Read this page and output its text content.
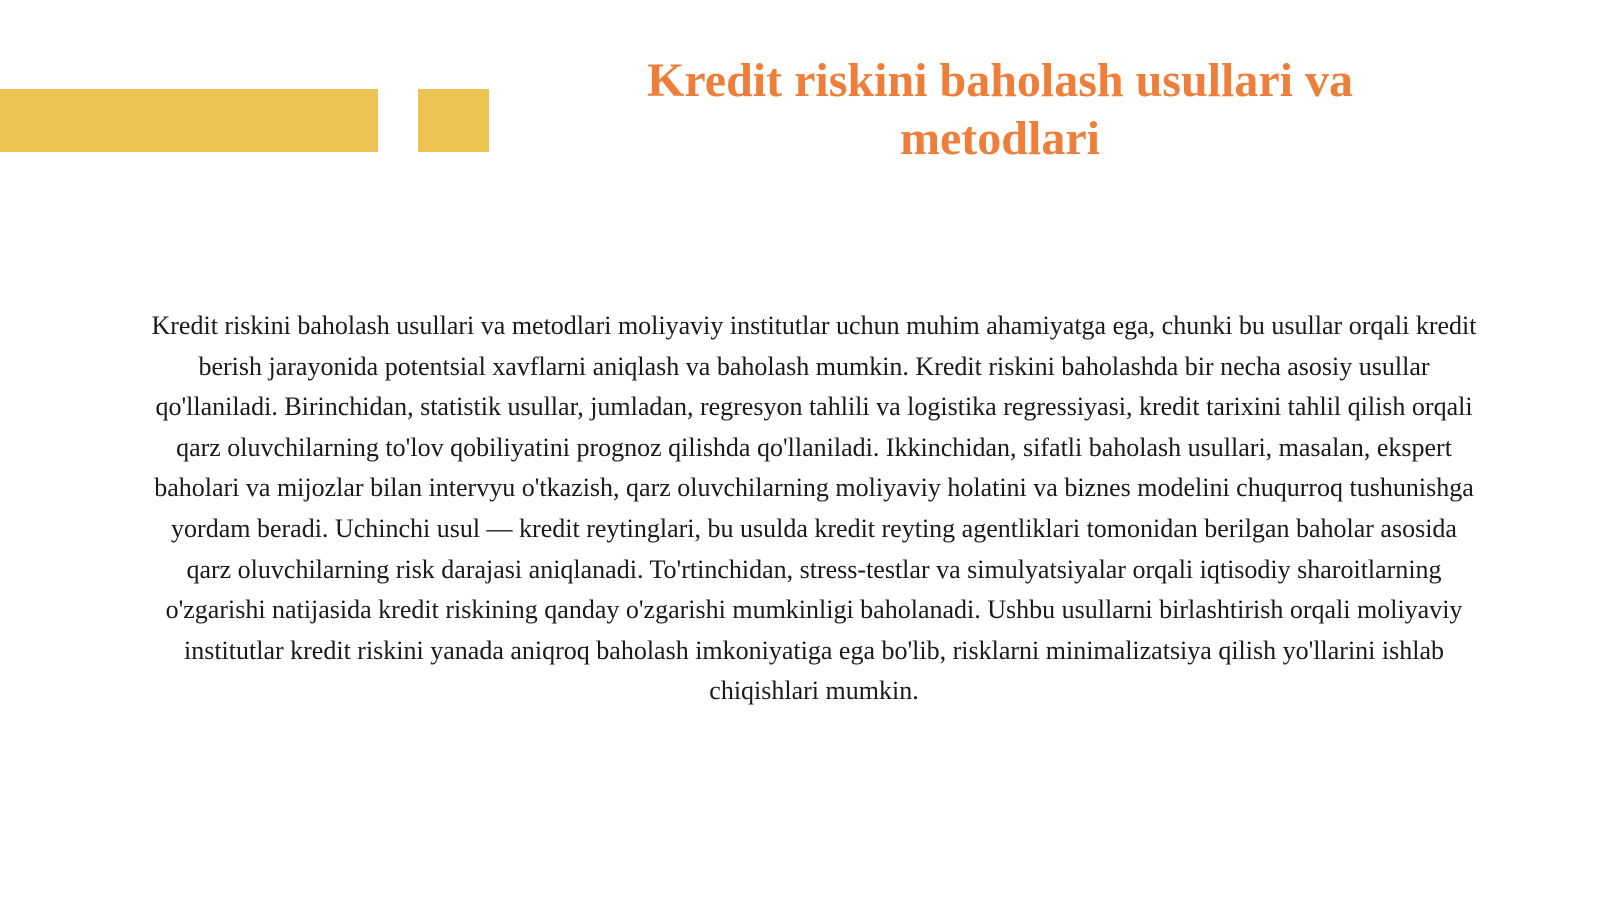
Kredit riskini baholash usullari va metodlari

Kredit riskini baholash usullari va metodlari moliyaviy institutlar uchun muhim ahamiyatga ega, chunki bu usullar orqali kredit berish jarayonida potentsial xavflarni aniqlash va baholash mumkin. Kredit riskini baholashda bir necha asosiy usullar qo'llaniladi. Birinchidan, statistik usullar, jumladan, regresyon tahlili va logistika regressiyasi, kredit tarixini tahlil qilish orqali qarz oluvchilarning to'lov qobiliyatini prognoz qilishda qo'llaniladi. Ikkinchidan, sifatli baholash usullari, masalan, ekspert baholari va mijozlar bilan intervyu o'tkazish, qarz oluvchilarning moliyaviy holatini va biznes modelini chuqurroq tushunishga yordam beradi. Uchinchi usul — kredit reytinglari, bu usulda kredit reyting agentliklari tomonidan berilgan baholar asosida qarz oluvchilarning risk darajasi aniqlanadi. To'rtinchidan, stress-testlar va simulyatsiyalar orqali iqtisodiy sharoitlarning o'zgarishi natijasida kredit riskining qanday o'zgarishi mumkinligi baholanadi. Ushbu usullarni birlashtirish orqali moliyaviy institutlar kredit riskini yanada aniqroq baholash imkoniyatiga ega bo'lib, risklarni minimalizatsiya qilish yo'llarini ishlab chiqishlari mumkin.
